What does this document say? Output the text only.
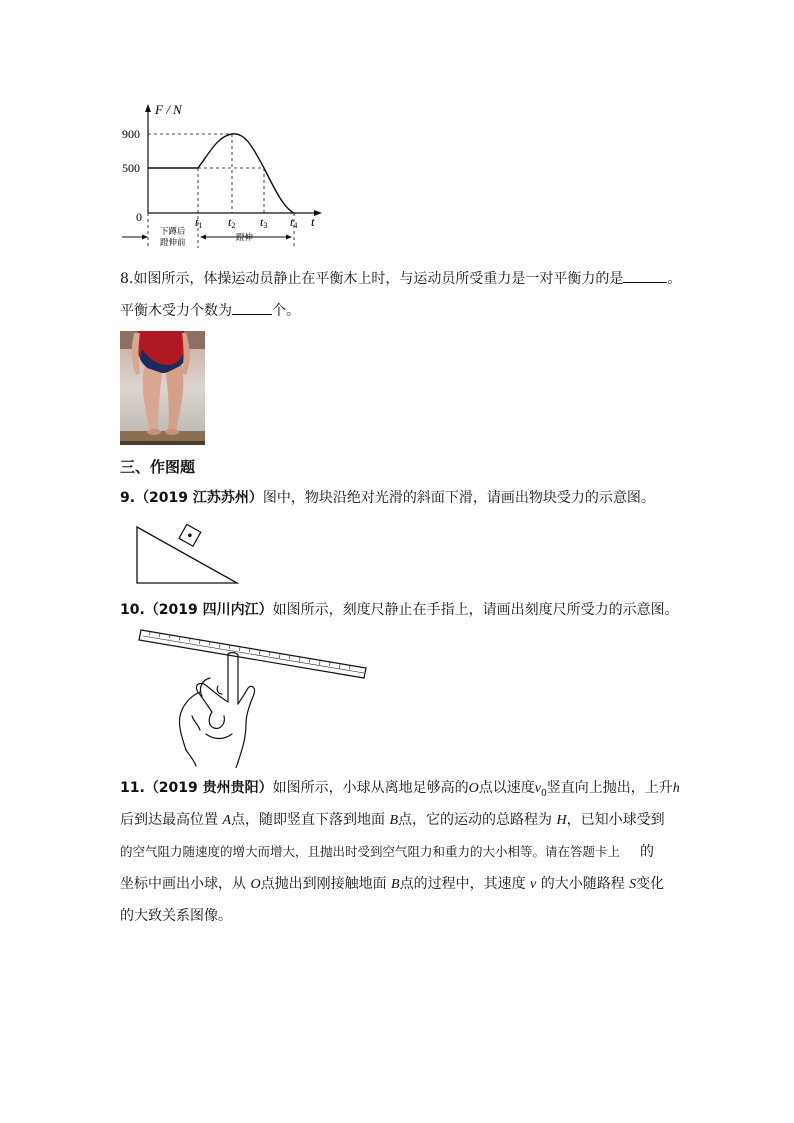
F / N
900
500
0	t
t1 t2 t3 t4
下蹲后
蹬伸前	蹬伸
8.如图所示，体操运动员静止在平衡木上时，与运动员所受重力是一对平衡力的是	。
平衡木受力个数为	个。
三、作图题
9.（2019 江苏苏州）图中，物块沿绝对光滑的斜面下滑，请画出物块受力的示意图。
10.（2019 四川内江）如图所示，刻度尺静止在手指上，请画出刻度尺所受力的示意图。
11.（2019 贵州贵阳）如图所示，小球从离地足够高的O点以速度$v_0$竖直向上抛出，上升h
后到达最高位置 A点，随即竖直下落到地面 B点，它的运动的总路程为 H，已知小球受到
的空气阻力随速度的增大而增大，且抛出时受到空气阻力和重力的大小相等。请在答题卡上 的
坐标中画出小球，从 O点抛出到刚接触地面 B点的过程中，其速度 v 的大小随路程 S变化
的大致关系图像。
